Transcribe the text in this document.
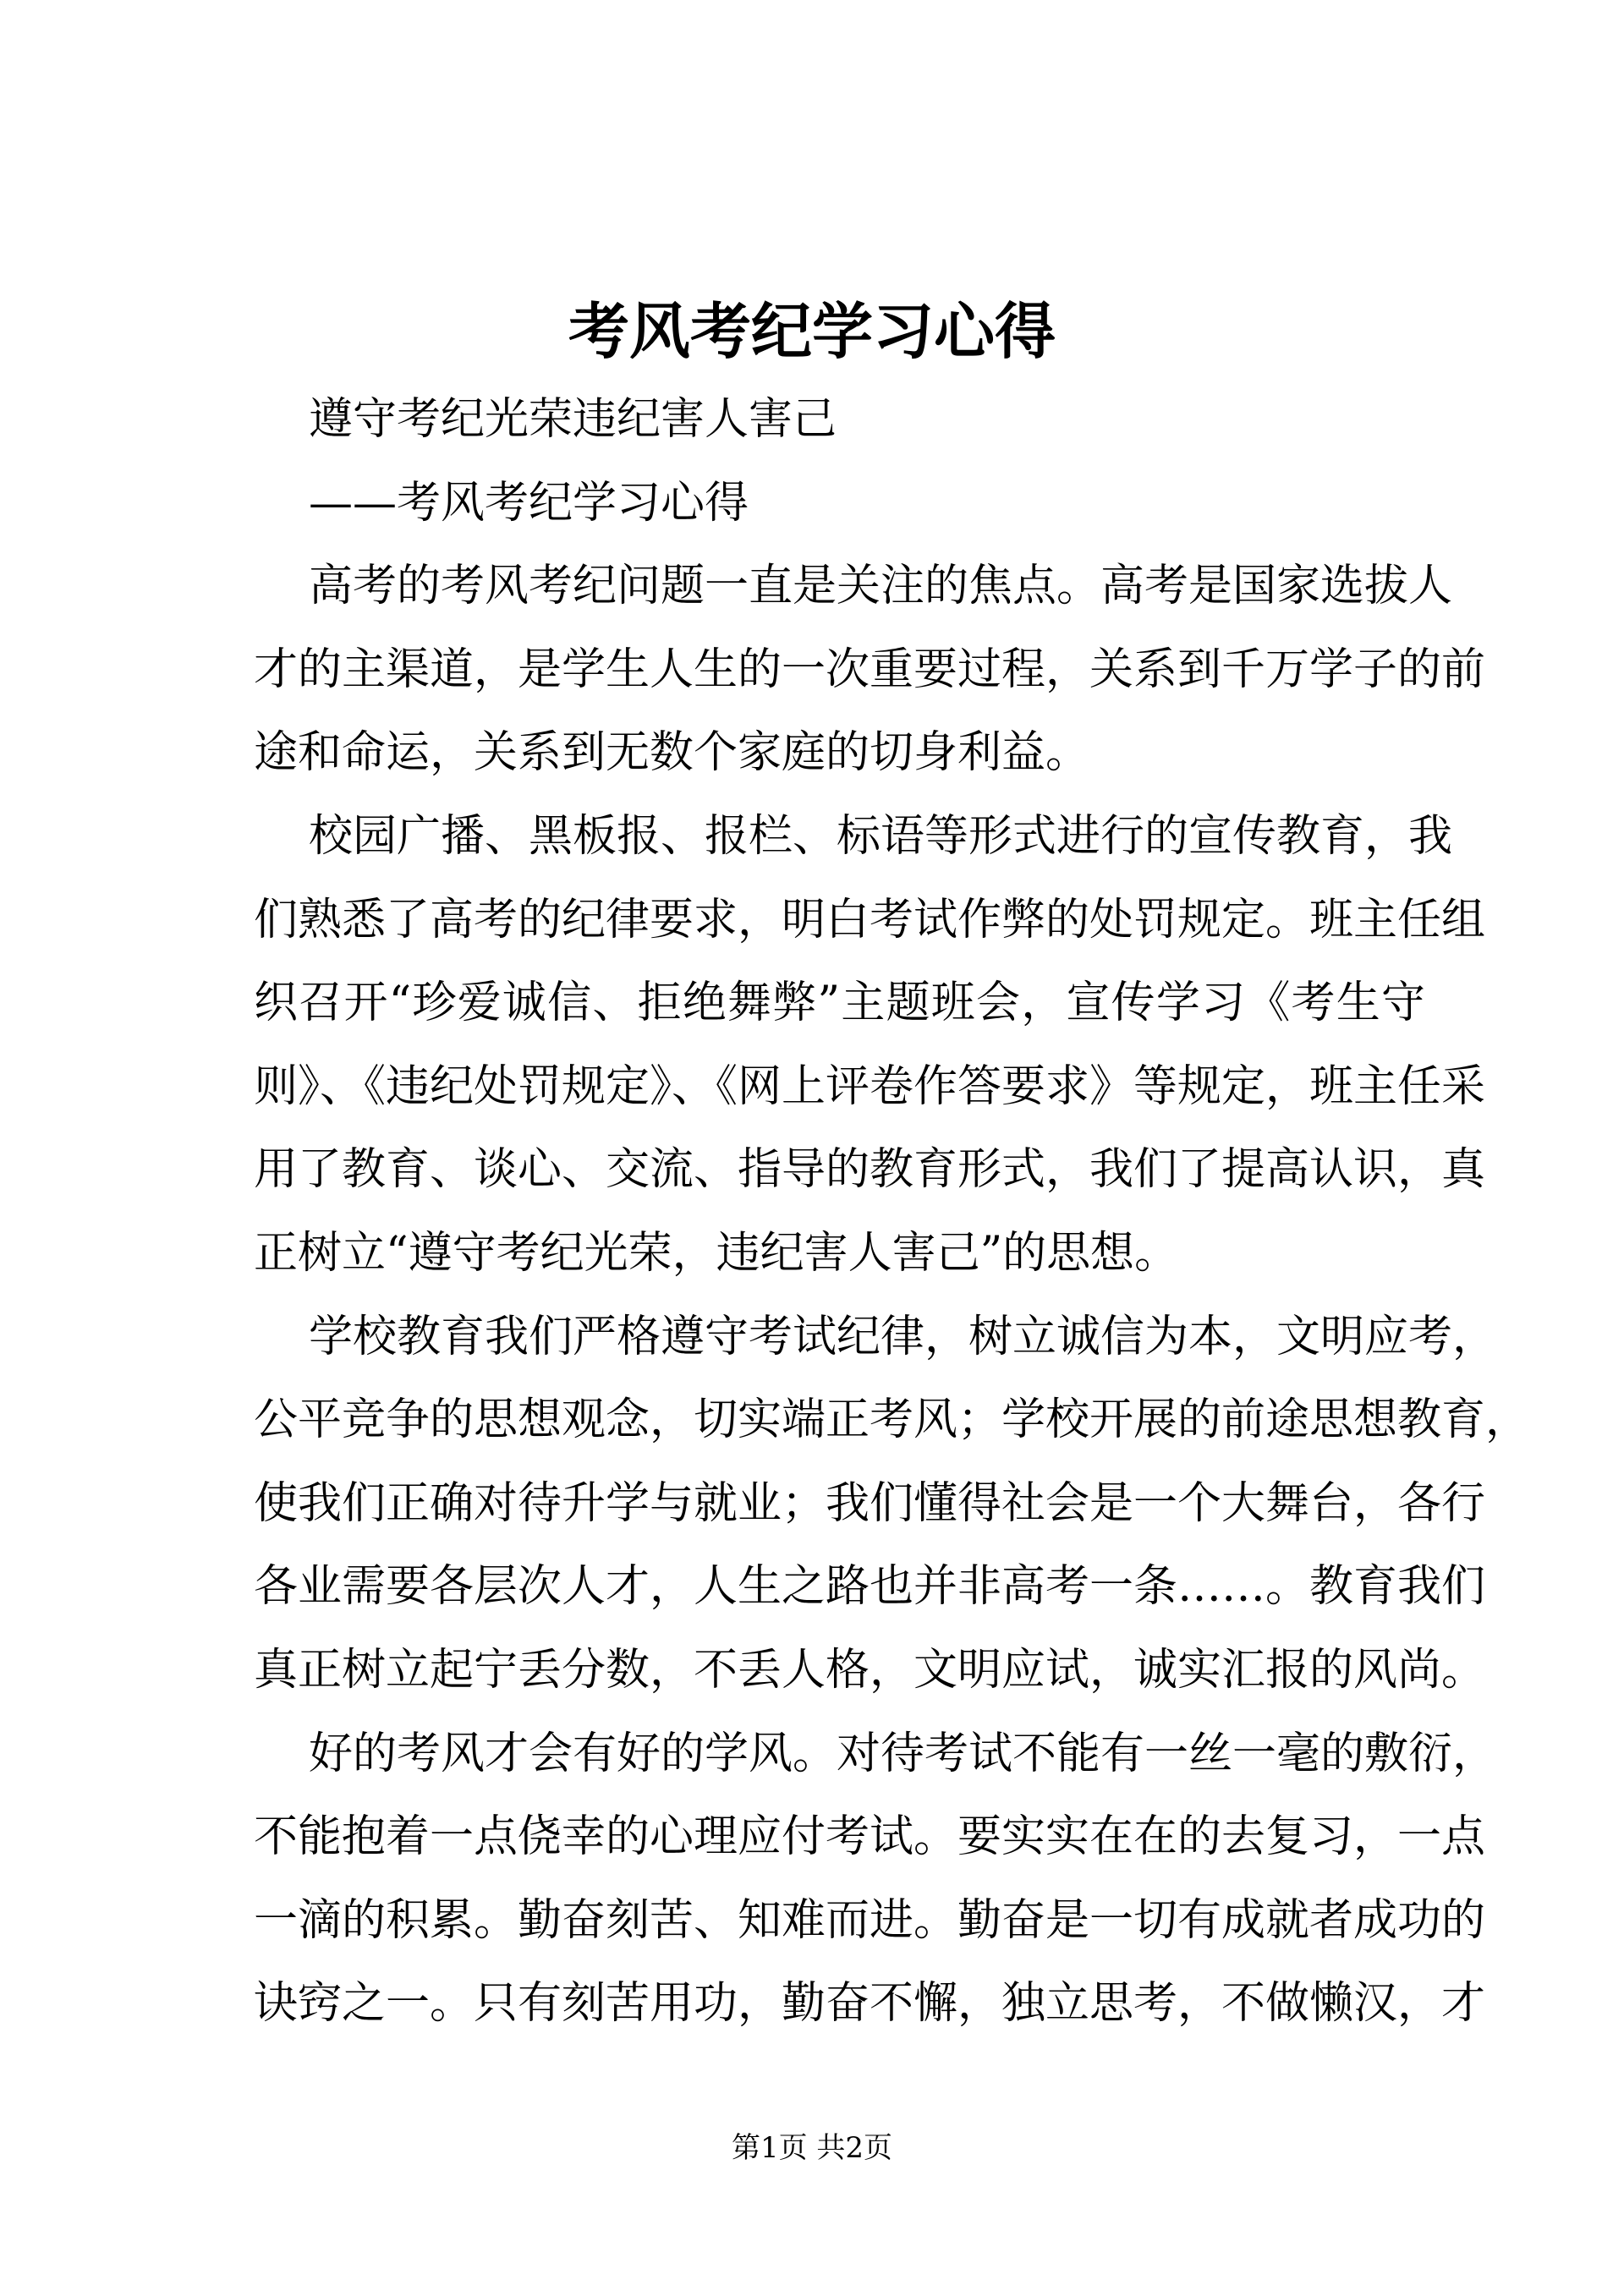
考风考纪学习心得
遵守考纪光荣违纪害人害己
——考风考纪学习心得
高考的考风考纪问题一直是关注的焦点。高考是国家选拔人
才的主渠道，是学生人生的一次重要过程，关系到千万学子的前
途和命运，关系到无数个家庭的切身利益。
校园广播、黑板报、报栏、标语等形式进行的宣传教育，我
们熟悉了高考的纪律要求，明白考试作弊的处罚规定。班主任组
织召开“珍爱诚信、拒绝舞弊”主题班会，宣传学习《考生守
则》、《违纪处罚规定》、《网上评卷作答要求》等规定，班主任采
用了教育、谈心、交流、指导的教育形式，我们了提高认识，真
正树立“遵守考纪光荣，违纪害人害己”的思想。
学校教育我们严格遵守考试纪律，树立诚信为本，文明应考，
公平竞争的思想观念，切实端正考风；学校开展的前途思想教育，
使我们正确对待升学与就业；我们懂得社会是一个大舞台，各行
各业需要各层次人才，人生之路也并非高考一条……。教育我们
真正树立起宁丢分数，不丢人格，文明应试，诚实汇报的风尚。
好的考风才会有好的学风。对待考试不能有一丝一毫的敷衍，
不能抱着一点侥幸的心理应付考试。要实实在在的去复习，一点
一滴的积累。勤奋刻苦、知难而进。勤奋是一切有成就者成功的
诀窍之一。只有刻苦用功，勤奋不懈，独立思考，不做懒汉，才
第1页 共2页
